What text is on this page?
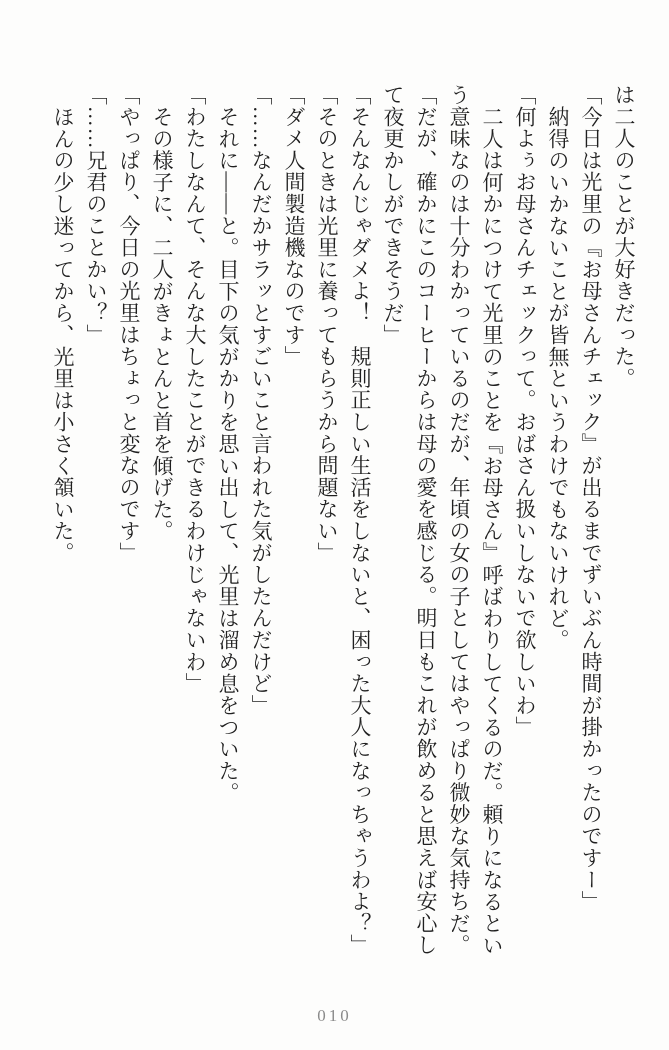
は二人のことが大好きだった。
「今日は光里の『お母さんチェック』が出るまでずいぶん時間が掛かったのですー」
納得のいかないことが皆無というわけでもないけれど。
「何よぅお母さんチェックって。おばさん扱いしないで欲しいわ」
二人は何かにつけて光里のことを『お母さん』呼ばわりしてくるのだ。頼りになるとい
う意味なのは十分わかっているのだが、年頃の女の子としてはやっぱり微妙な気持ちだ。
「だが、確かにこのコーヒーからは母の愛を感じる。明日もこれが飲めると思えば安心し
て夜更かしができそうだ」
「そんなんじゃダメよ！　規則正しい生活をしないと、困った大人になっちゃうわよ？」
「そのときは光里に養ってもらうから問題ない」
「ダメ人間製造機なのです」
「……なんだかサラッとすごいこと言われた気がしたんだけど」
それに――と。目下の気がかりを思い出して、光里は溜め息をついた。
「わたしなんて、そんな大したことができるわけじゃないわ」
その様子に、二人がきょとんと首を傾げた。
「やっぱり、今日の光里はちょっと変なのです」
「……兄君のことかい？」
ほんの少し迷ってから、光里は小さく頷いた。
010
